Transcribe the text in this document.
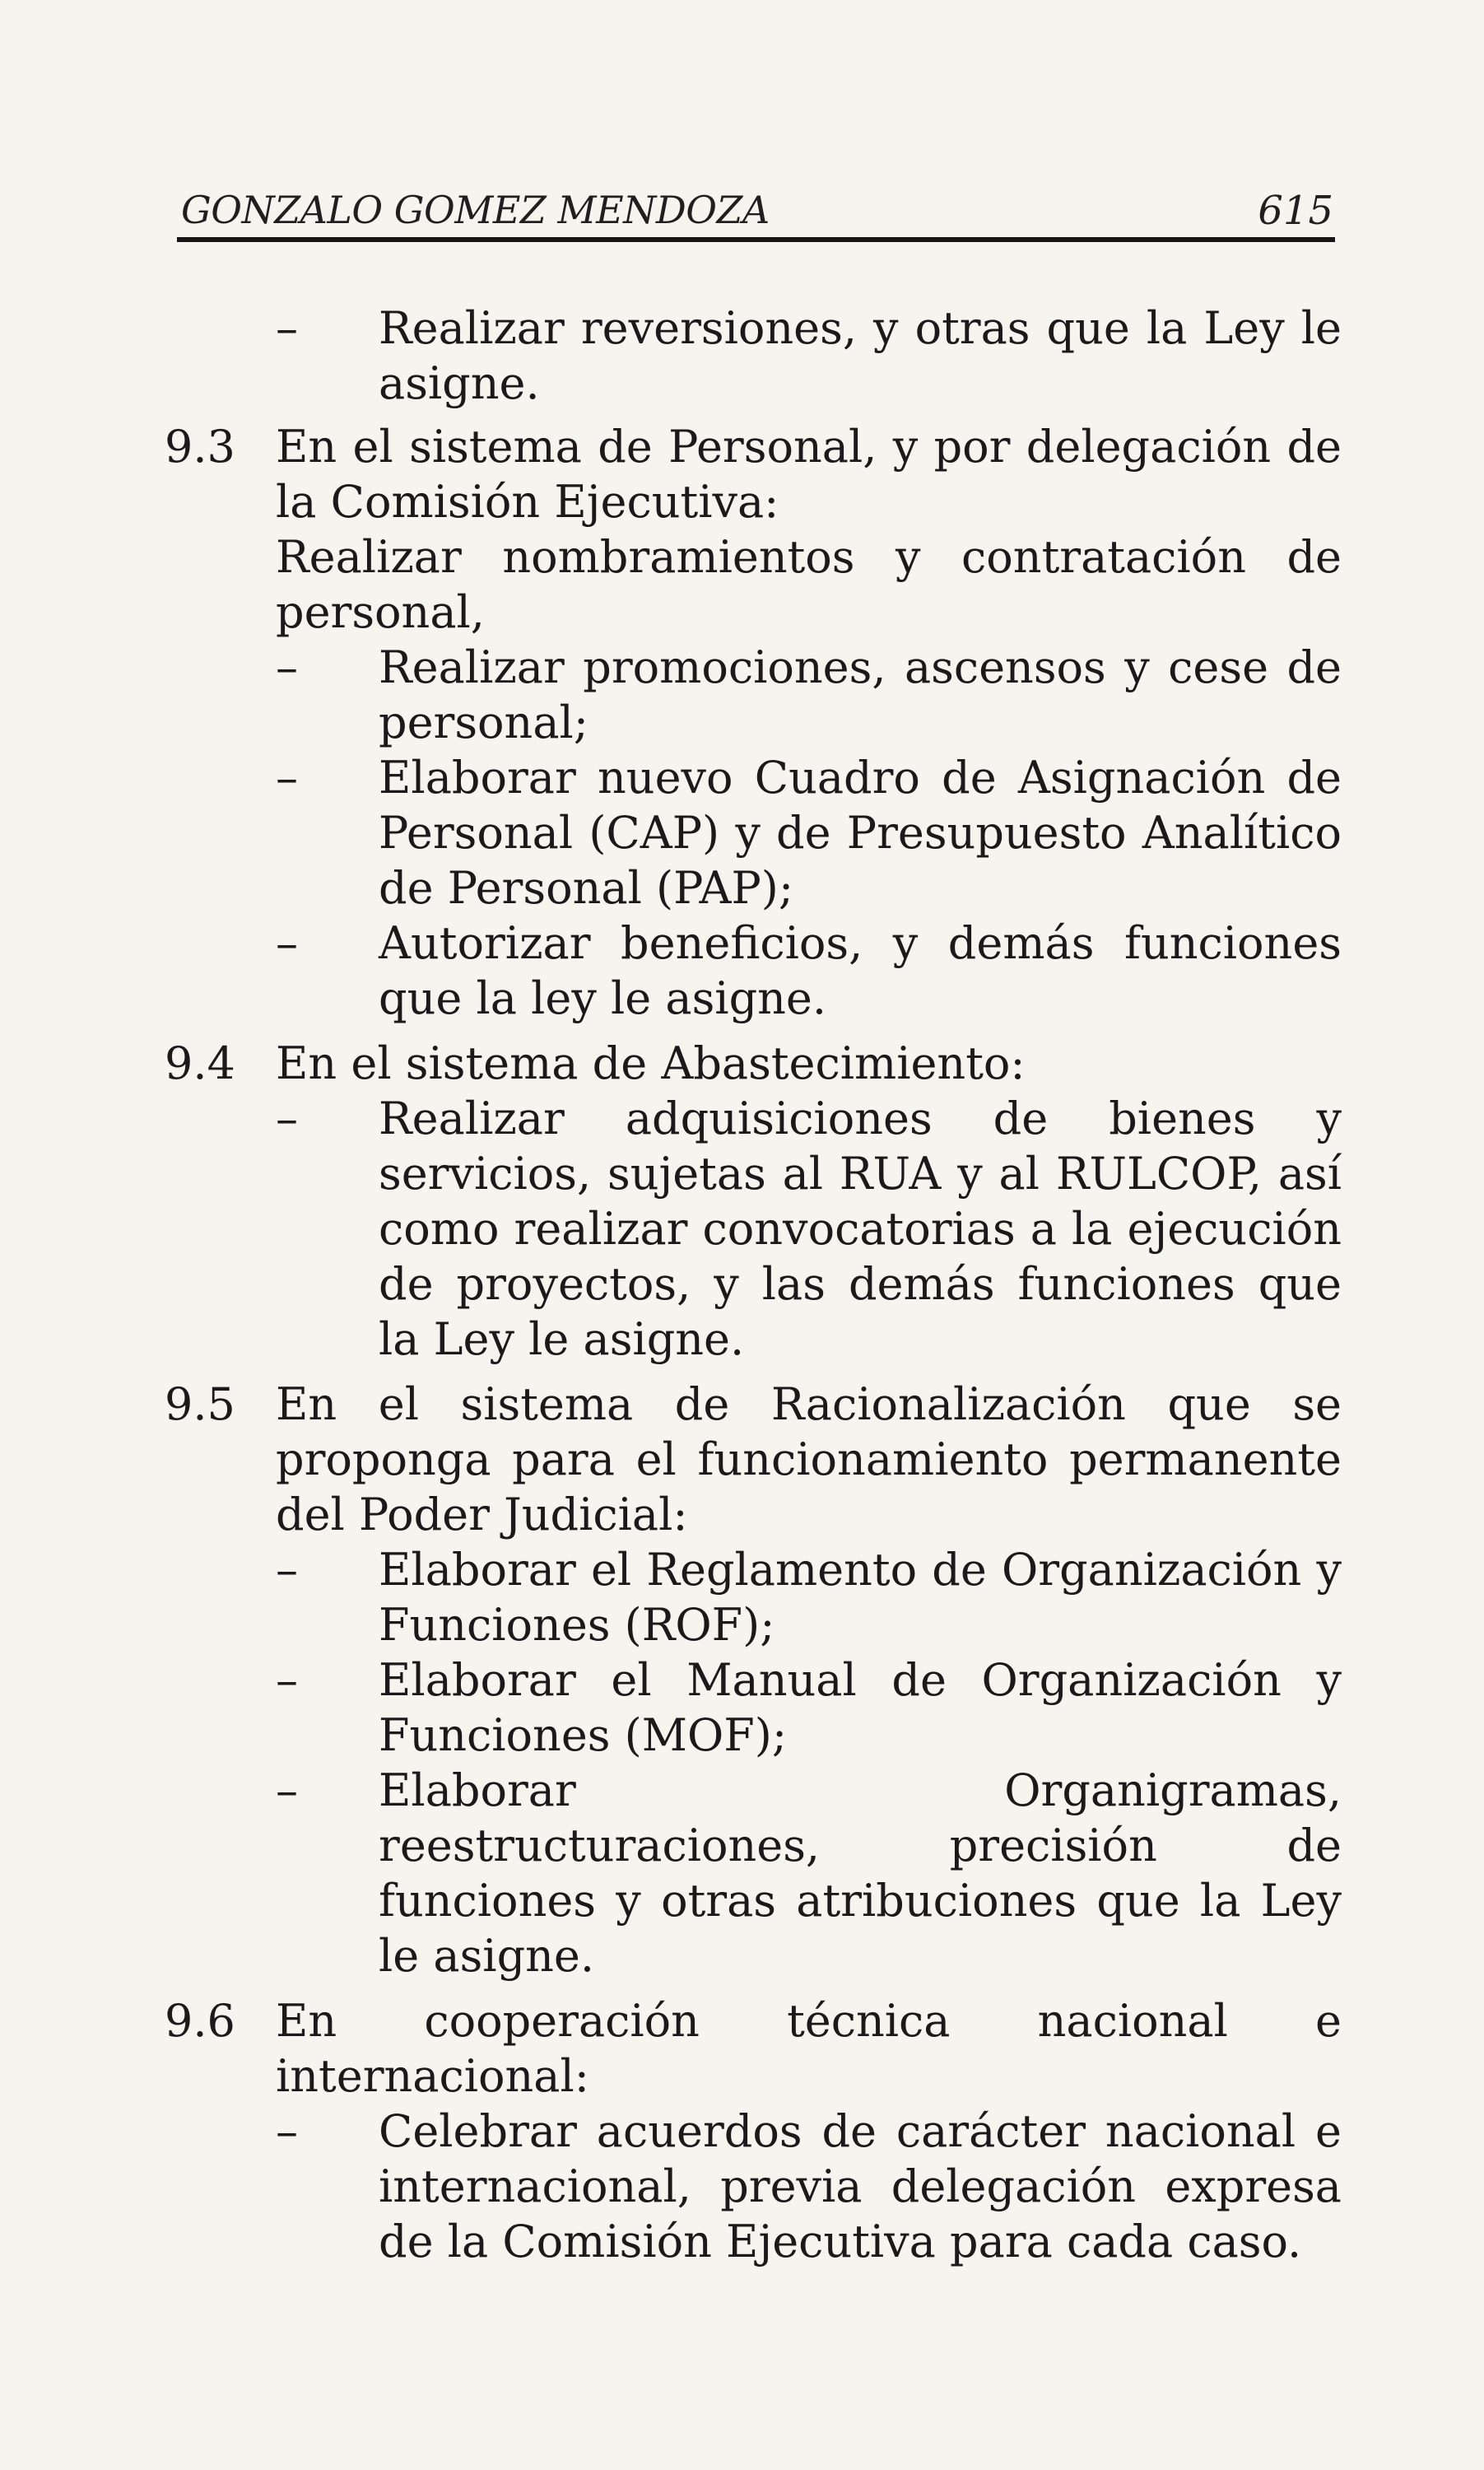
GONZALO GOMEZ MENDOZA	615
–	Realizar reversiones, y otras que la Ley le asigne.
9.3 En el sistema de Personal, y por delegación de la Comisión Ejecutiva:
Realizar nombramientos y contratación de personal,
–	Realizar promociones, ascensos y cese de personal;
–	Elaborar nuevo Cuadro de Asignación de Personal (CAP) y de Presupuesto Analítico de Personal (PAP);
–	Autorizar beneficios, y demás funciones que la ley le asigne.
9.4 En el sistema de Abastecimiento:
–	Realizar adquisiciones de bienes y servicios, sujetas al RUA y al RULCOP, así como realizar convocatorias a la ejecución de proyectos, y las demás funciones que la Ley le asigne.
9.5 En el sistema de Racionalización que se proponga para el funcionamiento permanente del Poder Judicial:
–	Elaborar el Reglamento de Organización y Funciones (ROF);
–	Elaborar el Manual de Organización y Funciones (MOF);
–	Elaborar Organigramas, reestructuraciones, precisión de funciones y otras atribuciones que la Ley le asigne.
9.6 En cooperación técnica nacional e internacional:
–	Celebrar acuerdos de carácter nacional e internacional, previa delegación expresa de la Comisión Ejecutiva para cada caso.
